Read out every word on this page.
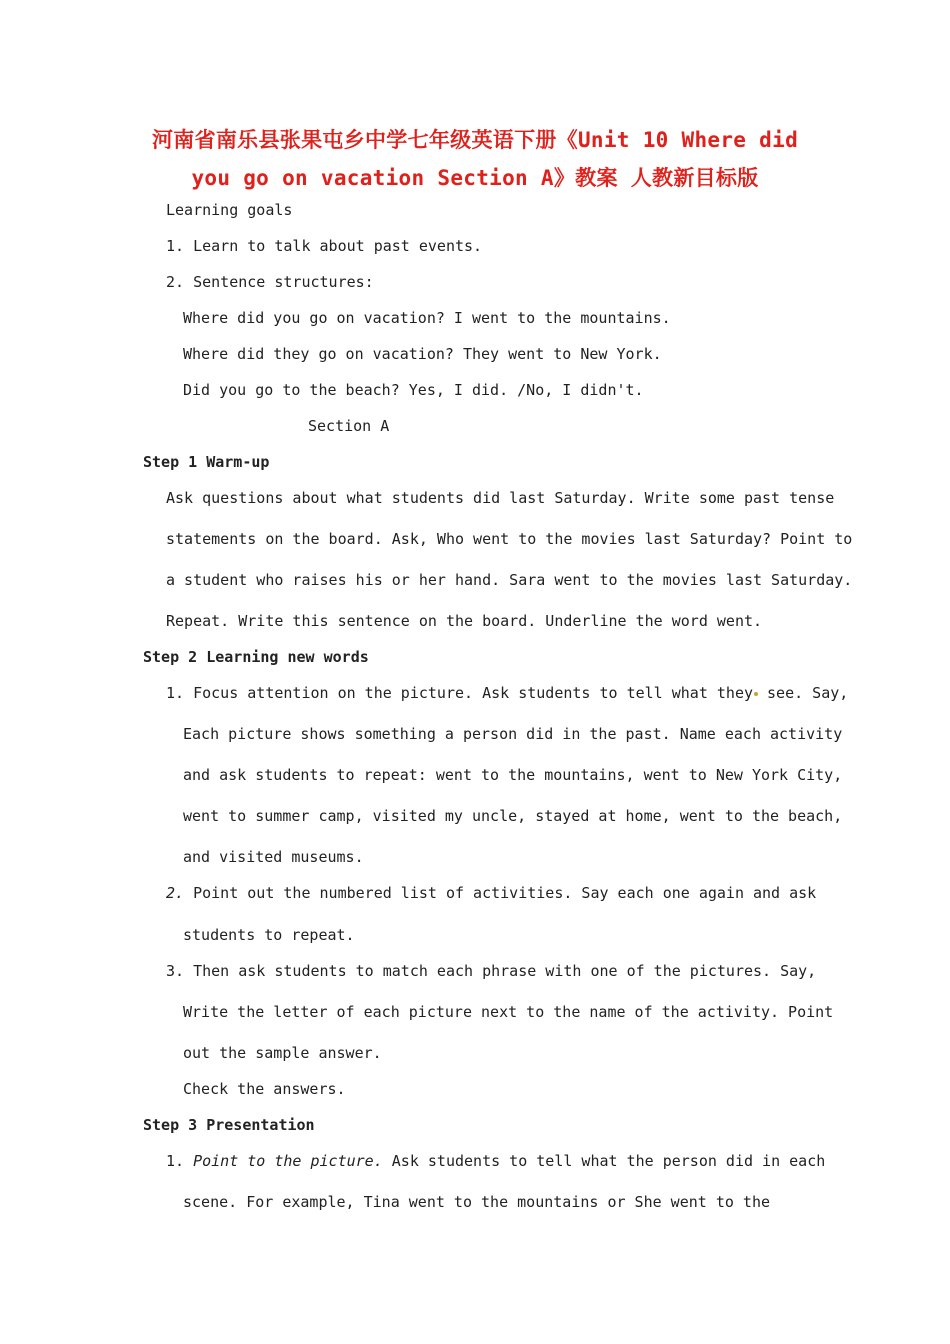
河南省南乐县张果屯乡中学七年级英语下册《Unit 10 Where did
you go on vacation Section A》教案 人教新目标版
Learning goals
1. Learn to talk about past events.
2. Sentence structures:
Where did you go on vacation? I went to the mountains.
Where did they go on vacation? They went to New York.
Did you go to the beach? Yes, I did. /No, I didn't.
Section A
Step 1 Warm-up
Ask questions about what students did last Saturday. Write some past tense
statements on the board. Ask, Who went to the movies last Saturday? Point to
a student who raises his or her hand. Sara went to the movies last Saturday.
Repeat. Write this sentence on the board. Underline the word went.
Step 2 Learning new words
1. Focus attention on the picture. Ask students to tell what they see. Say,
Each picture shows something a person did in the past. Name each activity
and ask students to repeat: went to the mountains, went to New York City,
went to summer camp, visited my uncle, stayed at home, went to the beach,
and visited museums.
2. Point out the numbered list of activities. Say each one again and ask
students to repeat.
3. Then ask students to match each phrase with one of the pictures. Say,
Write the letter of each picture next to the name of the activity. Point
out the sample answer.
Check the answers.
Step 3 Presentation
1. Point to the picture. Ask students to tell what the person did in each
scene. For example, Tina went to the mountains or She went to the
